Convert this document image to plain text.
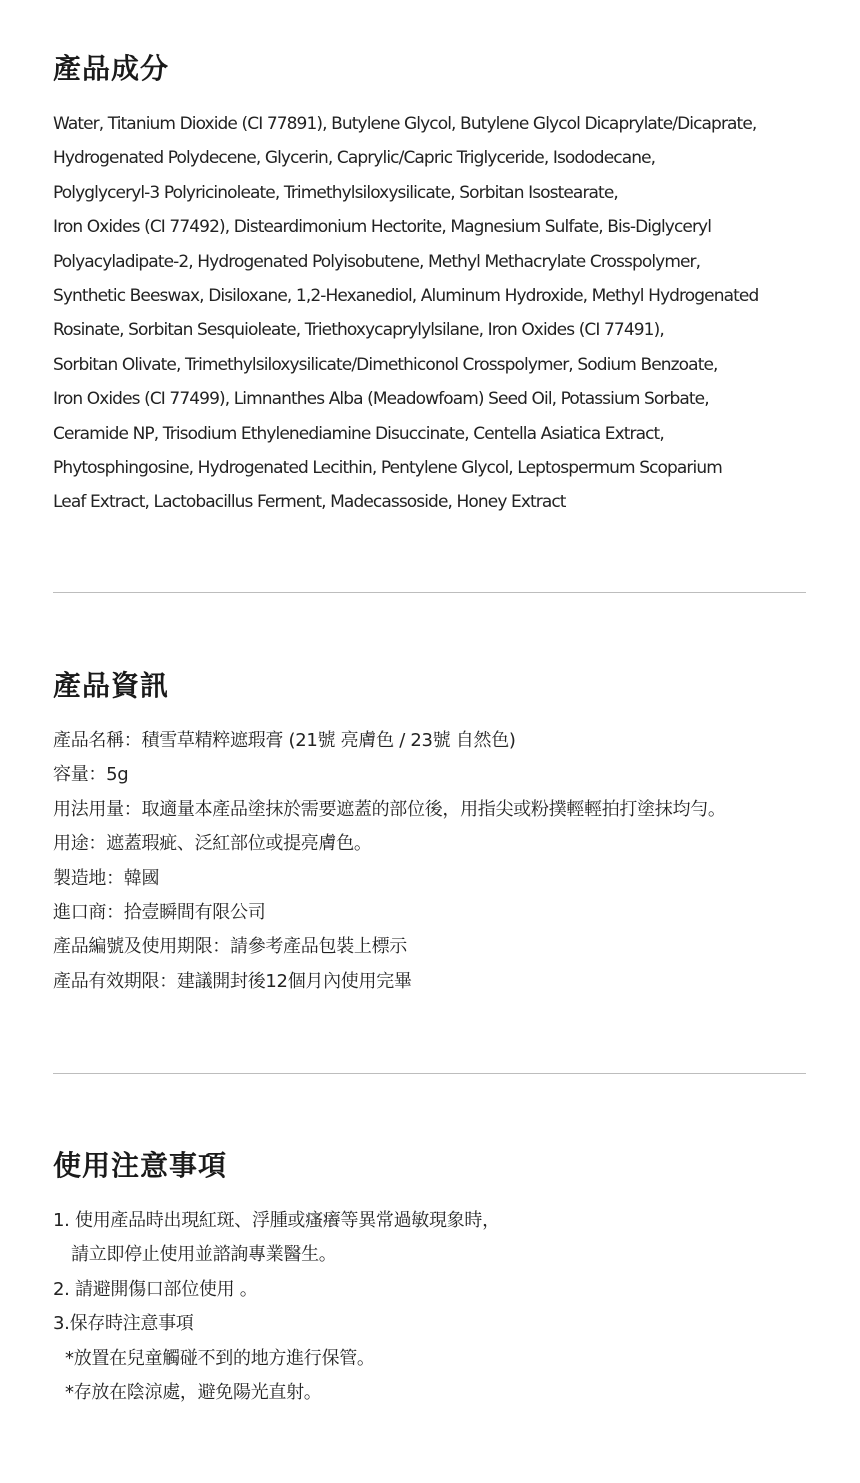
產品成分
Water, Titanium Dioxide (CI 77891), Butylene Glycol, Butylene Glycol Dicaprylate/Dicaprate,
Hydrogenated Polydecene, Glycerin, Caprylic/Capric Triglyceride, Isododecane,
Polyglyceryl-3 Polyricinoleate, Trimethylsiloxysilicate, Sorbitan Isostearate,
Iron Oxides (CI 77492), Disteardimonium Hectorite, Magnesium Sulfate, Bis-Diglyceryl
Polyacyladipate-2, Hydrogenated Polyisobutene, Methyl Methacrylate Crosspolymer,
Synthetic Beeswax, Disiloxane, 1,2-Hexanediol, Aluminum Hydroxide, Methyl Hydrogenated
Rosinate, Sorbitan Sesquioleate, Triethoxycaprylylsilane, Iron Oxides (CI 77491),
Sorbitan Olivate, Trimethylsiloxysilicate/Dimethiconol Crosspolymer, Sodium Benzoate,
Iron Oxides (CI 77499), Limnanthes Alba (Meadowfoam) Seed Oil, Potassium Sorbate,
Ceramide NP, Trisodium Ethylenediamine Disuccinate, Centella Asiatica Extract,
Phytosphingosine, Hydrogenated Lecithin, Pentylene Glycol, Leptospermum Scoparium
Leaf Extract, Lactobacillus Ferment, Madecassoside, Honey Extract
產品資訊
產品名稱：積雪草精粹遮瑕膏 (21號 亮膚色 / 23號 自然色)
容量：5g
用法用量：取適量本產品塗抹於需要遮蓋的部位後，用指尖或粉撲輕輕拍打塗抹均勻。
用途：遮蓋瑕疵、泛紅部位或提亮膚色。
製造地：韓國
進口商：拾壹瞬間有限公司
產品編號及使用期限：請參考產品包裝上標示
產品有效期限：建議開封後12個月內使用完畢
使用注意事項
1. 使用產品時出現紅斑、浮腫或瘙癢等異常過敏現象時，
請立即停止使用並諮詢專業醫生。
2. 請避開傷口部位使用 。
3.保存時注意事項
*放置在兒童觸碰不到的地方進行保管。
*存放在陰涼處，避免陽光直射。
